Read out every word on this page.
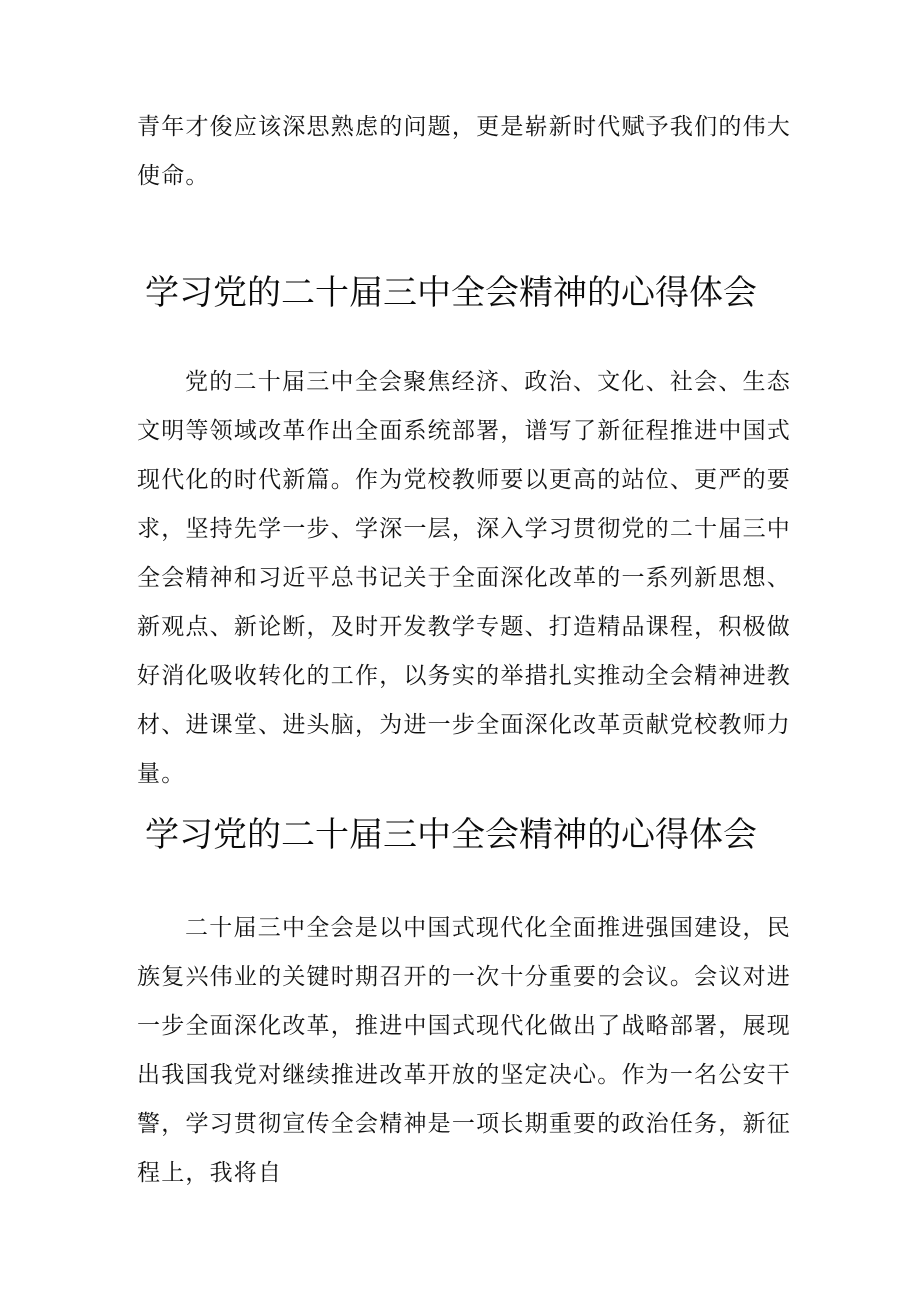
青年才俊应该深思熟虑的问题，更是崭新时代赋予我们的伟大使命。

学习党的二十届三中全会精神的心得体会

党的二十届三中全会聚焦经济、政治、文化、社会、生态文明等领域改革作出全面系统部署，谱写了新征程推进中国式现代化的时代新篇。作为党校教师要以更高的站位、更严的要求，坚持先学一步、学深一层，深入学习贯彻党的二十届三中全会精神和习近平总书记关于全面深化改革的一系列新思想、新观点、新论断，及时开发教学专题、打造精品课程，积极做好消化吸收转化的工作，以务实的举措扎实推动全会精神进教材、进课堂、进头脑，为进一步全面深化改革贡献党校教师力量。

学习党的二十届三中全会精神的心得体会

二十届三中全会是以中国式现代化全面推进强国建设，民族复兴伟业的关键时期召开的一次十分重要的会议。会议对进一步全面深化改革，推进中国式现代化做出了战略部署，展现出我国我党对继续推进改革开放的坚定决心。作为一名公安干警，学习贯彻宣传全会精神是一项长期重要的政治任务，新征程上，我将自
